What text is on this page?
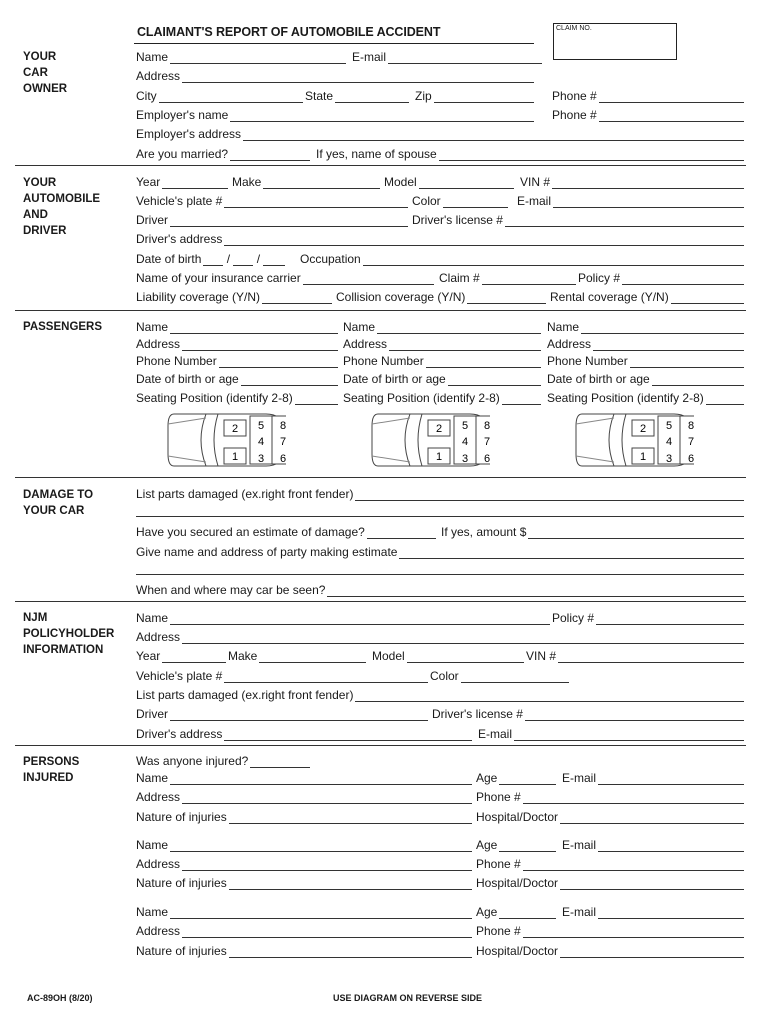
CLAIMANT'S REPORT OF AUTOMOBILE ACCIDENT	CLAIM NO.
YOUR
CAR
OWNER
YOUR
AUTOMOBILE
AND
DRIVER
PASSENGERS
DAMAGE TO
YOUR CAR
NJM
POLICYHOLDER
INFORMATION
PERSONS
INJURED
Name	E-mail
Address
City	State	Zip	Phone #
Employer's name	Phone #
Employer's address
Are you married?	If yes, name of spouse
Year	Make	Model	VIN #
Vehicle's plate #	Color	E-mail
Driver	Driver's license #
Driver's address
Date of birth / /	Occupation
Name of your insurance carrier	Claim #	Policy #
Liability coverage (Y/N)	Collision coverage (Y/N)	Rental coverage (Y/N)
Name	Name	Name
Address	Address	Address
Phone Number	Phone Number	Phone Number
Date of birth or age	Date of birth or age	Date of birth or age
Seating Position (identify 2-8)	Seating Position (identify 2-8)	Seating Position (identify 2-8)
2 5 8
4 7
1 3 6
2 5 8
4 7
1 3 6
2 5 8
4 7
1 3 6
List parts damaged (ex.right front fender)
Have you secured an estimate of damage?	If yes, amount $
Give name and address of party making estimate
When and where may car be seen?
Name	Policy #
Address
Year	Make	Model	VIN #
Vehicle's plate #	Color
List parts damaged (ex.right front fender)
Driver	Driver's license #
Driver's address	E-mail
Was anyone injured?
Name	Age	E-mail
Address	Phone #
Nature of injuries	Hospital/Doctor
Name	Age	E-mail
Address	Phone #
Nature of injuries	Hospital/Doctor
Name	Age	E-mail
Address	Phone #
Nature of injuries	Hospital/Doctor
AC-89OH (8/20)	USE DIAGRAM ON REVERSE SIDE
